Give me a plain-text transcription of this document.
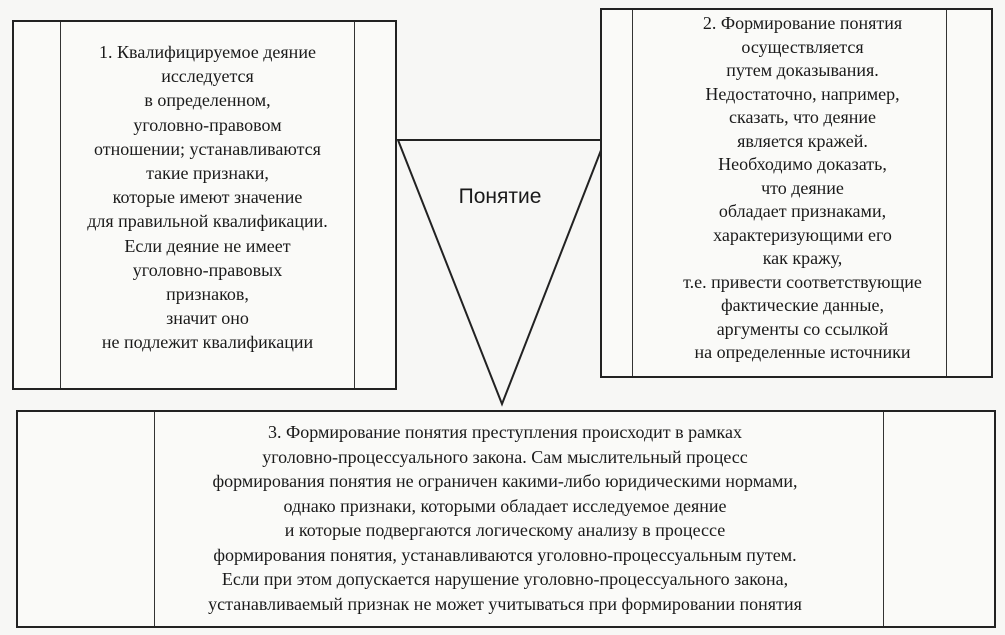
1. Квалифицируемое деяние
исследуется
в определенном,
уголовно-правовом
отношении; устанавливаются
такие признаки,
которые имеют значение
для правильной квалификации.
Если деяние не имеет
уголовно-правовых
признаков,
значит оно
не подлежит квалификации
2. Формирование понятия
осуществляется
путем доказывания.
Недостаточно, например,
сказать, что деяние
является кражей.
Необходимо доказать,
что деяние
обладает признаками,
характеризующими его
как кражу,
т.е. привести соответствующие
фактические данные,
аргументы со ссылкой
на определенные источники
3. Формирование понятия преступления происходит в рамках
уголовно-процессуального закона. Сам мыслительный процесс
формирования понятия не ограничен какими-либо юридическими нормами,
однако признаки, которыми обладает исследуемое деяние
и которые подвергаются логическому анализу в процессе
формирования понятия, устанавливаются уголовно-процессуальным путем.
Если при этом допускается нарушение уголовно-процессуального закона,
устанавливаемый признак не может учитываться при формировании понятия
Понятие
